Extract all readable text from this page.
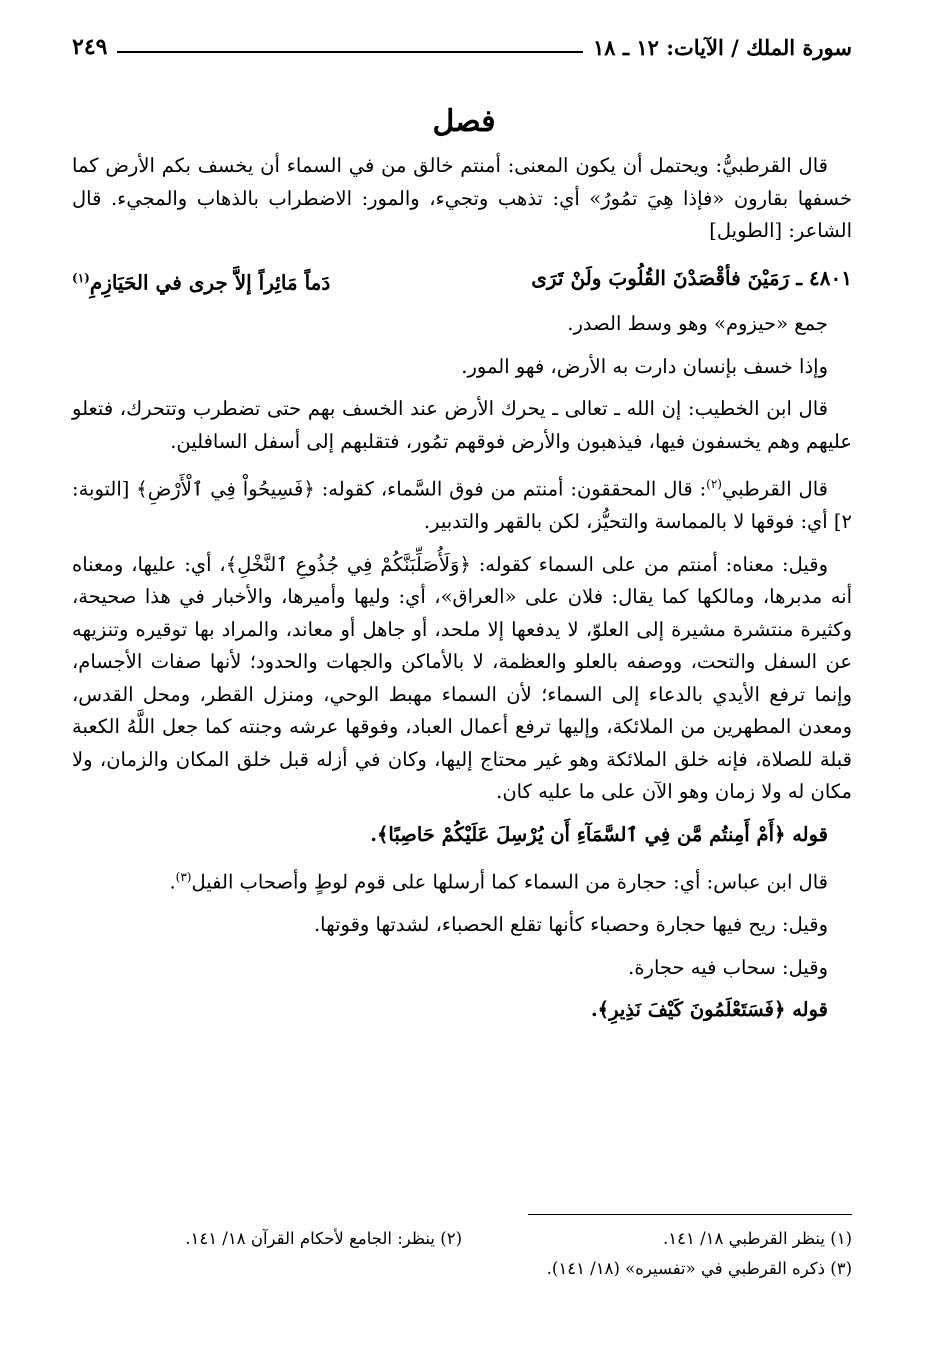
سورة الملك / الآيات: ١٢ ـ ١٨
٢٤٩
فصل

قال القرطبيُّ: ويحتمل أن يكون المعنى: أمنتم خالق من في السماء أن يخسف بكم الأرض كما خسفها بقارون «فإذا هِيَ تمُورُ» أي: تذهب وتجيء، والمور: الاضطراب بالذهاب والمجيء. قال الشاعر: [الطويل]

٤٨٠١ ـ رَمَيْنَ فأقْصَدْنَ القُلُوبَ ولَنْ تَرَى
دَماً مَائِراً إلاَّ جرى في الحَيَازِمِ$^{(١)}$

جمع «حيزوم» وهو وسط الصدر.

وإذا خسف بإنسان دارت به الأرض، فهو المور.

قال ابن الخطيب: إن الله ـ تعالى ـ يحرك الأرض عند الخسف بهم حتى تضطرب وتتحرك، فتعلو عليهم وهم يخسفون فيها، فيذهبون والأرض فوقهم تمُور، فتقلبهم إلى أسفل السافلين.

قال القرطبي$^{(٢)}$: قال المحققون: أمنتم من فوق السَّماء، كقوله: ﴿فَسِيحُواْ فِي ٱلْأَرْضِ﴾ [التوبة: ٢] أي: فوقها لا بالمماسة والتحيُّز، لكن بالقهر والتدبير.

وقيل: معناه: أمنتم من على السماء كقوله: ﴿وَلَأُصَلِّبَنَّكُمْ فِي جُذُوعِ ٱلنَّخْلِ﴾، أي: عليها، ومعناه أنه مدبرها، ومالكها كما يقال: فلان على «العراق»، أي: وليها وأميرها، والأخبار في هذا صحيحة، وكثيرة منتشرة مشيرة إلى العلوّ، لا يدفعها إلا ملحد، أو جاهل أو معاند، والمراد بها توقيره وتنزيهه عن السفل والتحت، ووصفه بالعلو والعظمة، لا بالأماكن والجهات والحدود؛ لأنها صفات الأجسام، وإنما ترفع الأيدي بالدعاء إلى السماء؛ لأن السماء مهبط الوحي، ومنزل القطر، ومحل القدس، ومعدن المطهرين من الملائكة، وإليها ترفع أعمال العباد، وفوقها عرشه وجنته كما جعل اللَّهُ الكعبة قبلة للصلاة، فإنه خلق الملائكة وهو غير محتاج إليها، وكان في أزله قبل خلق المكان والزمان، ولا مكان له ولا زمان وهو الآن على ما عليه كان.

قوله ﴿أَمْ أَمِنتُم مَّن فِي ٱلسَّمَآءِ أَن يُرْسِلَ عَلَيْكُمْ حَاصِبًا﴾.

قال ابن عباس: أي: حجارة من السماء كما أرسلها على قوم لوطٍ وأصحاب الفيل$^{(٣)}$.

وقيل: ريح فيها حجارة وحصباء كأنها تقلع الحصباء، لشدتها وقوتها.

وقيل: سحاب فيه حجارة.

قوله ﴿فَسَتَعْلَمُونَ كَيْفَ نَذِيرِ﴾.

(١) ينظر القرطبي ١٨/ ١٤١.
(٢) ينظر: الجامع لأحكام القرآن ١٨/ ١٤١.
(٣) ذكره القرطبي في «تفسيره» (١٨/ ١٤١).
